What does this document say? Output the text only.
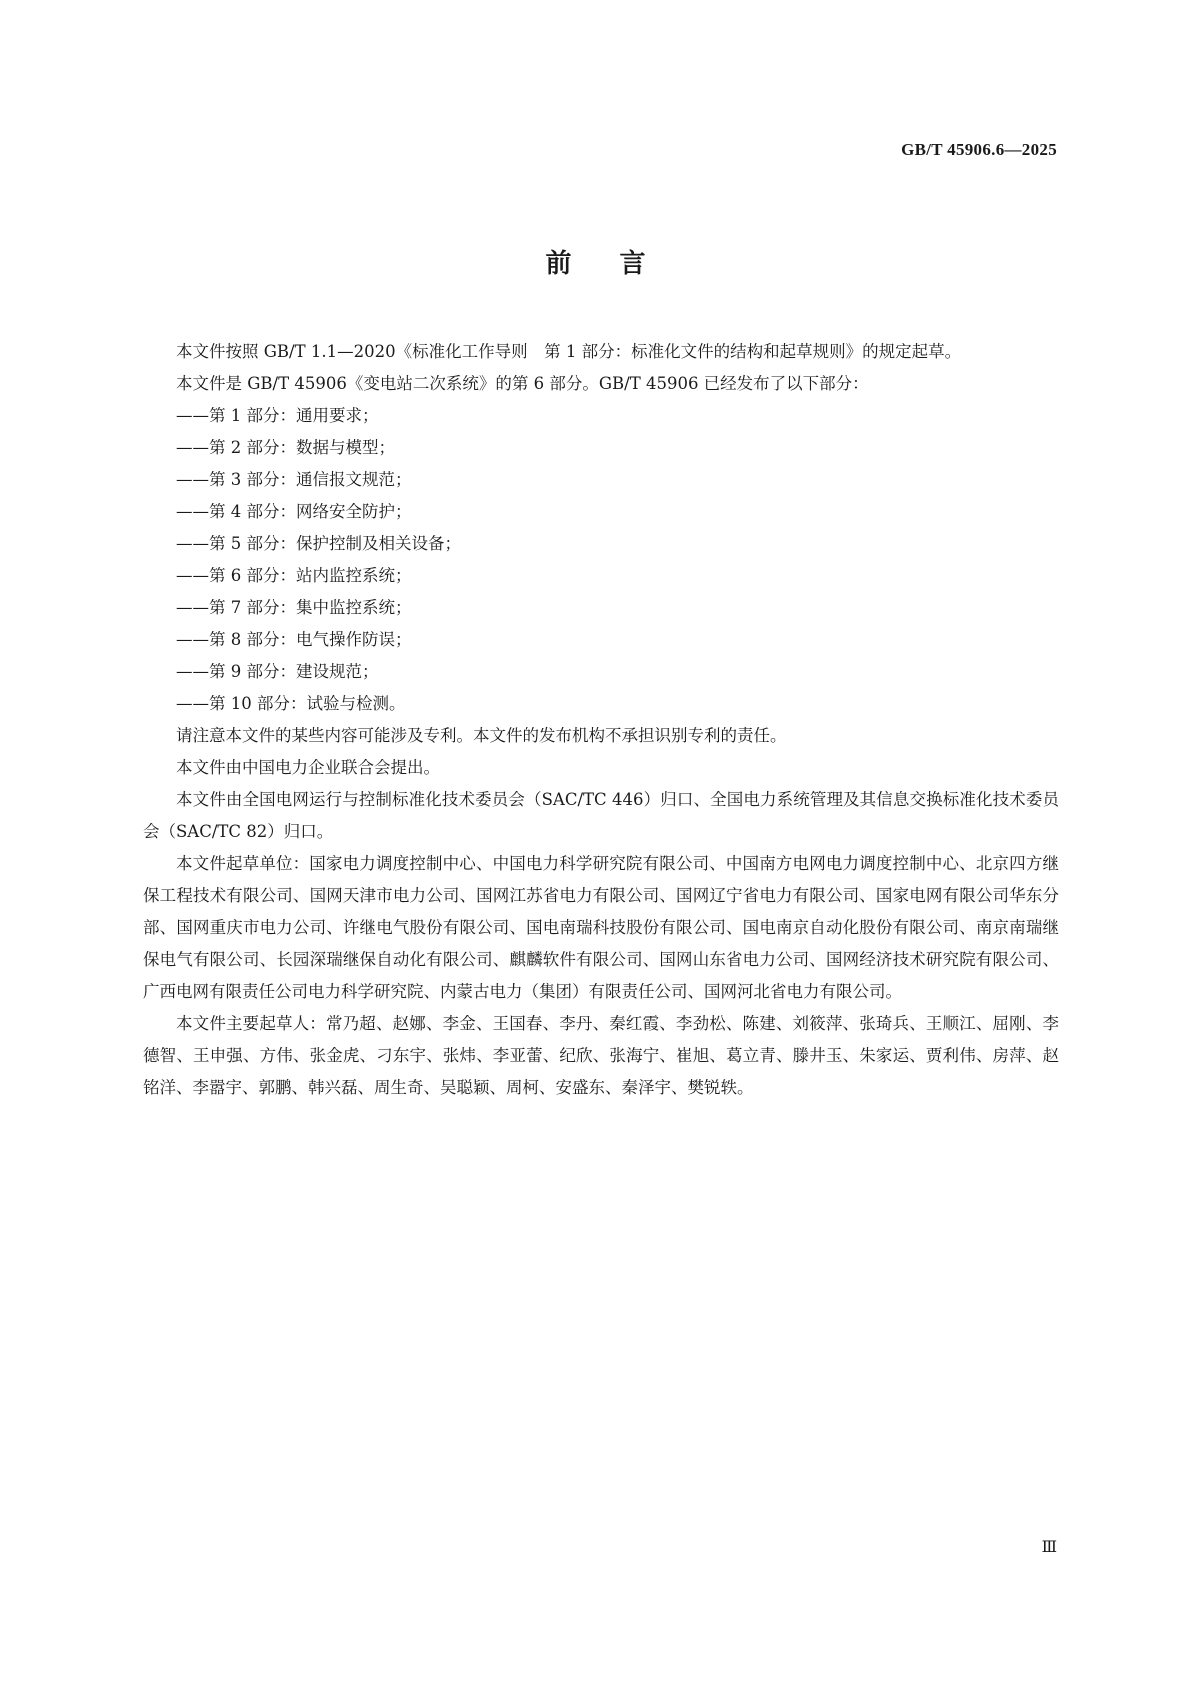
GB/T 45906.6—2025
前言

本文件按照 GB/T 1.1—2020《标准化工作导则　第 1 部分：标准化文件的结构和起草规则》的规定起草。

本文件是 GB/T 45906《变电站二次系统》的第 6 部分。GB/T 45906 已经发布了以下部分：

——第 1 部分：通用要求；

——第 2 部分：数据与模型；

——第 3 部分：通信报文规范；

——第 4 部分：网络安全防护；

——第 5 部分：保护控制及相关设备；

——第 6 部分：站内监控系统；

——第 7 部分：集中监控系统；

——第 8 部分：电气操作防误；

——第 9 部分：建设规范；

——第 10 部分：试验与检测。

请注意本文件的某些内容可能涉及专利。本文件的发布机构不承担识别专利的责任。

本文件由中国电力企业联合会提出。

本文件由全国电网运行与控制标准化技术委员会（SAC/TC 446）归口、全国电力系统管理及其信息交换标准化技术委员会（SAC/TC 82）归口。

本文件起草单位：国家电力调度控制中心、中国电力科学研究院有限公司、中国南方电网电力调度控制中心、北京四方继保工程技术有限公司、国网天津市电力公司、国网江苏省电力有限公司、国网辽宁省电力有限公司、国家电网有限公司华东分部、国网重庆市电力公司、许继电气股份有限公司、国电南瑞科技股份有限公司、国电南京自动化股份有限公司、南京南瑞继保电气有限公司、长园深瑞继保自动化有限公司、麒麟软件有限公司、国网山东省电力公司、国网经济技术研究院有限公司、广西电网有限责任公司电力科学研究院、内蒙古电力（集团）有限责任公司、国网河北省电力有限公司。

本文件主要起草人：常乃超、赵娜、李金、王国春、李丹、秦红霞、李劲松、陈建、刘筱萍、张琦兵、王顺江、屈刚、李德智、王申强、方伟、张金虎、刁东宇、张炜、李亚蕾、纪欣、张海宁、崔旭、葛立青、滕井玉、朱家运、贾利伟、房萍、赵铭洋、李嚣宇、郭鹏、韩兴磊、周生奇、吴聪颖、周柯、安盛东、秦泽宇、樊锐轶。

Ⅲ
